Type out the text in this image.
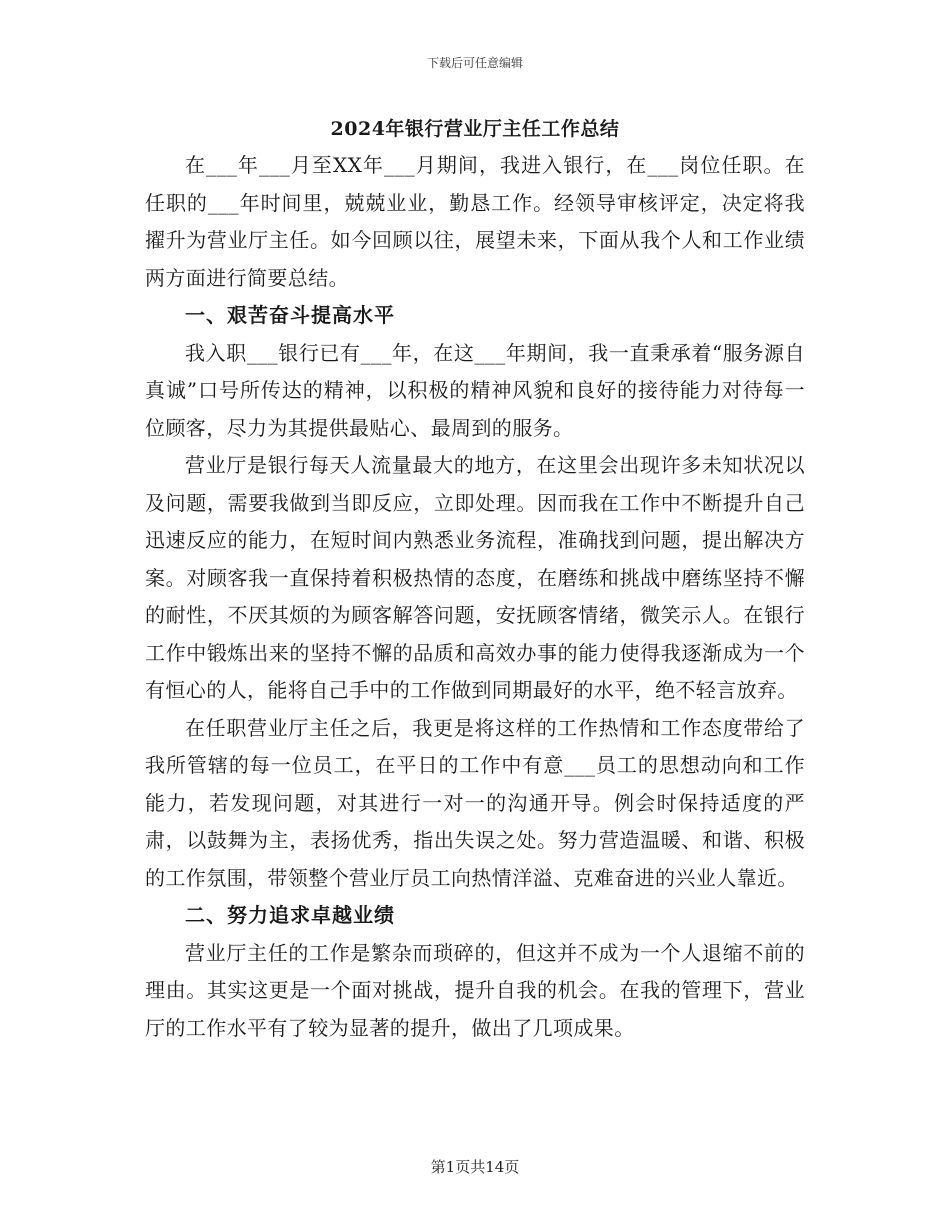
下载后可任意编辑
2024年银行营业厅主任工作总结

在___年___月至XX年___月期间，我进入银行，在___岗位任职。在任职的___年时间里，兢兢业业，勤恳工作。经领导审核评定，决定将我擢升为营业厅主任。如今回顾以往，展望未来，下面从我个人和工作业绩两方面进行简要总结。

一、艰苦奋斗提高水平

我入职___银行已有___年，在这___年期间，我一直秉承着“服务源自真诚”口号所传达的精神，以积极的精神风貌和良好的接待能力对待每一位顾客，尽力为其提供最贴心、最周到的服务。

营业厅是银行每天人流量最大的地方，在这里会出现许多未知状况以及问题，需要我做到当即反应，立即处理。因而我在工作中不断提升自己迅速反应的能力，在短时间内熟悉业务流程，准确找到问题，提出解决方案。对顾客我一直保持着积极热情的态度，在磨练和挑战中磨练坚持不懈的耐性，不厌其烦的为顾客解答问题，安抚顾客情绪，微笑示人。在银行工作中锻炼出来的坚持不懈的品质和高效办事的能力使得我逐渐成为一个有恒心的人，能将自己手中的工作做到同期最好的水平，绝不轻言放弃。

在任职营业厅主任之后，我更是将这样的工作热情和工作态度带给了我所管辖的每一位员工，在平日的工作中有意___员工的思想动向和工作能力，若发现问题，对其进行一对一的沟通开导。例会时保持适度的严肃，以鼓舞为主，表扬优秀，指出失误之处。努力营造温暖、和谐、积极的工作氛围，带领整个营业厅员工向热情洋溢、克难奋进的兴业人靠近。

二、努力追求卓越业绩

营业厅主任的工作是繁杂而琐碎的，但这并不成为一个人退缩不前的理由。其实这更是一个面对挑战，提升自我的机会。在我的管理下，营业厅的工作水平有了较为显著的提升，做出了几项成果。

第1页共14页
